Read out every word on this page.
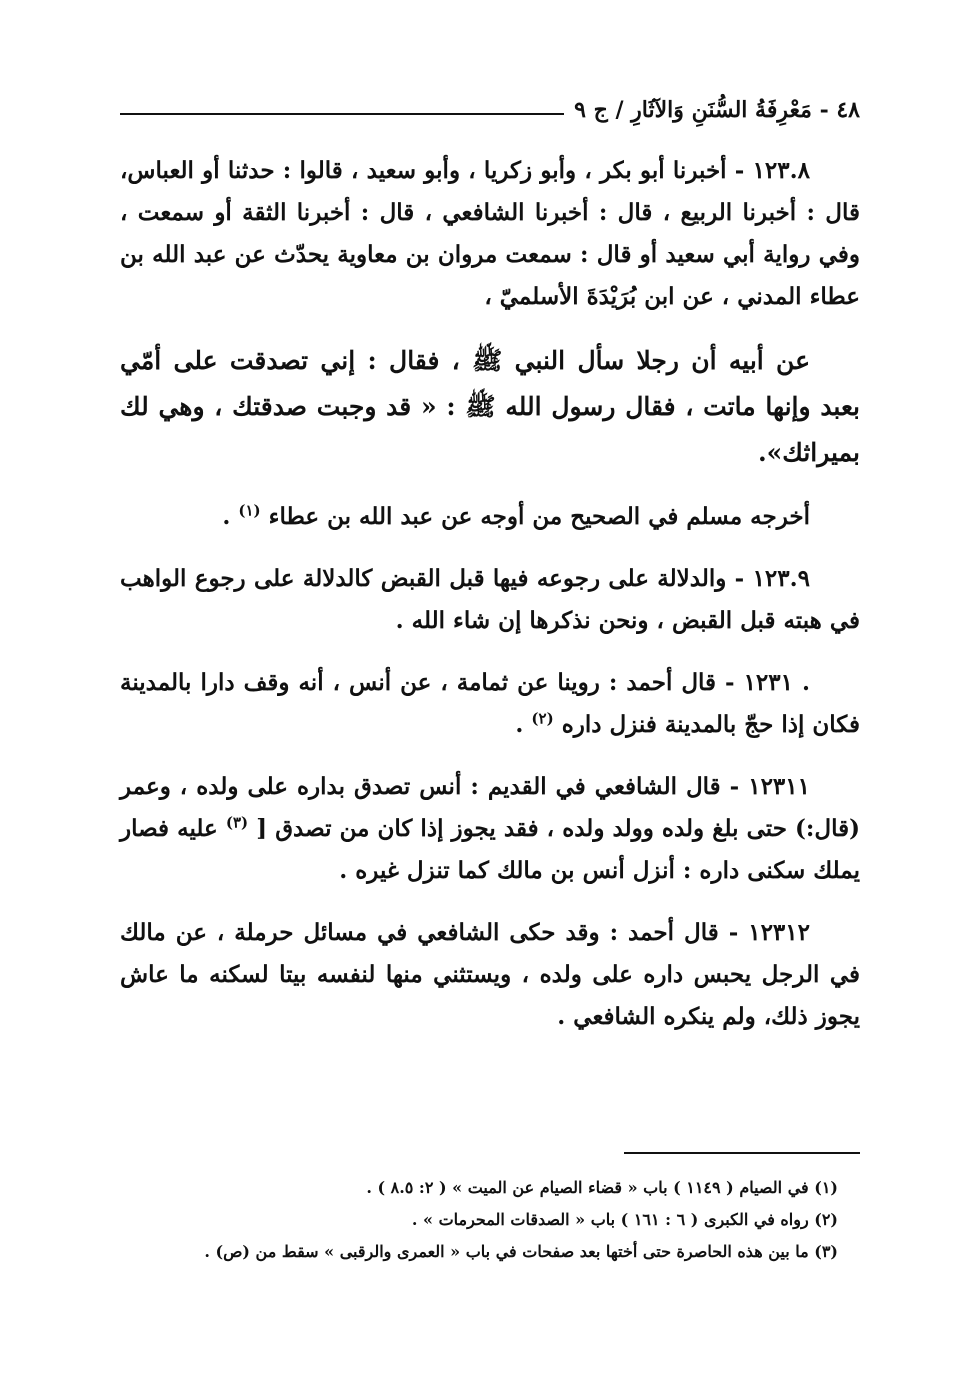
٤٨ - مَعْرِفَةُ السُّنَنِ وَالآثَارِ / ج ٩

١٢٣.٨ - أخبرنا أبو بكر ، وأبو زكريا ، وأبو سعيد ، قالوا : حدثنا أو العباس، قال : أخبرنا الربيع ، قال : أخبرنا الشافعي ، قال : أخبرنا الثقة أو سمعت ، وفي رواية أبي سعيد أو قال : سمعت مروان بن معاوية يحدّث عن عبد الله بن عطاء المدني ، عن ابن بُرَيْدَةَ الأسلميّ ،

عن أبيه أن رجلا سأل النبي ﷺ ، فقال : إني تصدقت على أمّي بعبد وإنها ماتت ، فقال رسول الله ﷺ : « قد وجبت صدقتك ، وهي لك بميراثك».

أخرجه مسلم في الصحيح من أوجه عن عبد الله بن عطاء $^{(١)}$ .

١٢٣.٩ - والدلالة على رجوعه فيها قبل القبض كالدلالة على رجوع الواهب في هبته قبل القبض ، ونحن نذكرها إن شاء الله .

. ١٢٣١ - قال أحمد : روينا عن ثمامة ، عن أنس ، أنه وقف دارا بالمدينة فكان إذا حجّ بالمدينة فنزل داره $^{(٢)}$ .

١٢٣١١ - قال الشافعي في القديم : أنس تصدق بداره على ولده ، وعمر (قال:) حتى بلغ ولده وولد ولده ، فقد يجوز إذا كان من تصدق [ $^{(٣)}$ عليه فصار يملك سكنى داره : أنزل أنس بن مالك كما تنزل غيره .

١٢٣١٢ - قال أحمد : وقد حكى الشافعي في مسائل حرملة ، عن مالك في الرجل يحبس داره على ولده ، ويستثني منها لنفسه بيتا لسكنه ما عاش يجوز ذلك، ولم ينكره الشافعي .

(١) في الصيام ( ١١٤٩ ) باب « قضاء الصيام عن الميت » ( ٢: ٨.٥ ) .

(٢) رواه في الكبرى ( ٦ : ١٦١ ) باب « الصدقات المحرمات » .

(٣) ما بين هذه الحاصرة حتى أختها بعد صفحات في باب « العمرى والرقبى » سقط من (ص) .
